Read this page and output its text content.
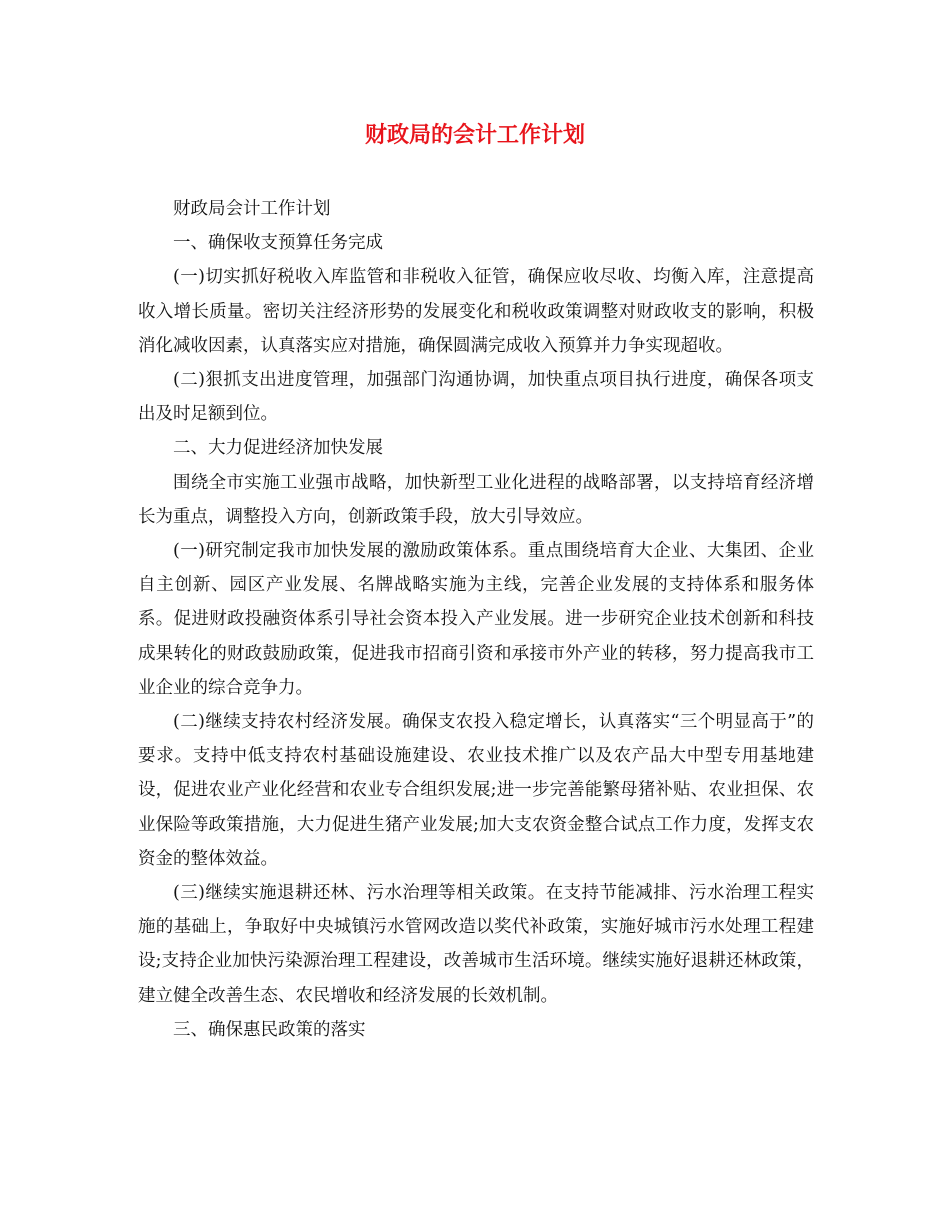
财政局的会计工作计划

财政局会计工作计划

一、确保收支预算任务完成

(一)切实抓好税收入库监管和非税收入征管，确保应收尽收、均衡入库，注意提高收入增长质量。密切关注经济形势的发展变化和税收政策调整对财政收支的影响，积极消化减收因素，认真落实应对措施，确保圆满完成收入预算并力争实现超收。

(二)狠抓支出进度管理，加强部门沟通协调，加快重点项目执行进度，确保各项支出及时足额到位。

二、大力促进经济加快发展

围绕全市实施工业强市战略，加快新型工业化进程的战略部署，以支持培育经济增长为重点，调整投入方向，创新政策手段，放大引导效应。

(一)研究制定我市加快发展的激励政策体系。重点围绕培育大企业、大集团、企业自主创新、园区产业发展、名牌战略实施为主线，完善企业发展的支持体系和服务体系。促进财政投融资体系引导社会资本投入产业发展。进一步研究企业技术创新和科技成果转化的财政鼓励政策，促进我市招商引资和承接市外产业的转移，努力提高我市工业企业的综合竞争力。

(二)继续支持农村经济发展。确保支农投入稳定增长，认真落实“三个明显高于”的要求。支持中低支持农村基础设施建设、农业技术推广以及农产品大中型专用基地建设，促进农业产业化经营和农业专合组织发展;进一步完善能繁母猪补贴、农业担保、农业保险等政策措施，大力促进生猪产业发展;加大支农资金整合试点工作力度，发挥支农资金的整体效益。

(三)继续实施退耕还林、污水治理等相关政策。在支持节能减排、污水治理工程实施的基础上，争取好中央城镇污水管网改造以奖代补政策，实施好城市污水处理工程建设;支持企业加快污染源治理工程建设，改善城市生活环境。继续实施好退耕还林政策，建立健全改善生态、农民增收和经济发展的长效机制。

三、确保惠民政策的落实
